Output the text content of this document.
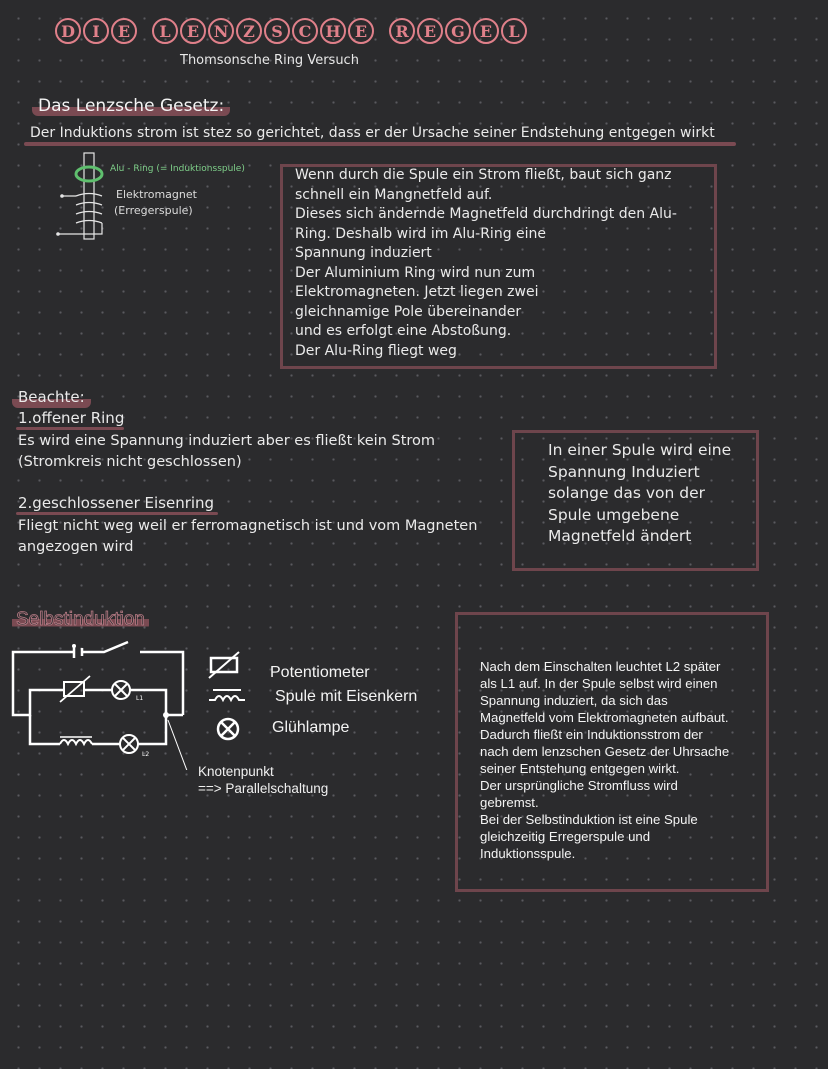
D	I	E	L	E N Z	S C H E	R E G E	L
Thomsonsche Ring Versuch
Das Lenzsche Gesetz:
Der Induktions strom ist stez so gerichtet, dass er der Ursache seiner Endstehung entgegen wirkt
Alu - Ring (= Induktionsspule)
Elektromagnet
(Erregerspule)
Wenn durch die Spule ein Strom fließt, baut sich ganz
schnell ein Mangnetfeld auf.
Dieses sich ändernde Magnetfeld durchdringt den Alu-
Ring. Deshalb wird im Alu-Ring eine
Spannung induziert
Der Aluminium Ring wird nun zum
Elektromagneten. Jetzt liegen zwei
gleichnamige Pole übereinander
und es erfolgt eine Abstoßung.
Der Alu-Ring fliegt weg
Beachte:
1.offener Ring
Es wird eine Spannung induziert aber es fließt kein Strom
(Stromkreis nicht geschlossen)
2.geschlossener Eisenring
Fliegt nicht weg weil er ferromagnetisch ist und vom Magneten
angezogen wird
In einer Spule wird eine
Spannung Induziert
solange das von der
Spule umgebene
Magnetfeld ändert
Selbstinduktion
L1
L2
Potentiometer
Spule mit Eisenkern
Glühlampe
Knotenpunkt
==> Parallelschaltung
Nach dem Einschalten leuchtet L2 später
als L1 auf. In der Spule selbst wird einen
Spannung induziert, da sich das
Magnetfeld vom Elektromagneten aufbaut.
Dadurch fließt ein Induktionsstrom der
nach dem lenzschen Gesetz der Uhrsache
seiner Entstehung entgegen wirkt.
Der ursprüngliche Stromfluss wird
gebremst.
Bei der Selbstinduktion ist eine Spule
gleichzeitig Erregerspule und
Induktionsspule.
